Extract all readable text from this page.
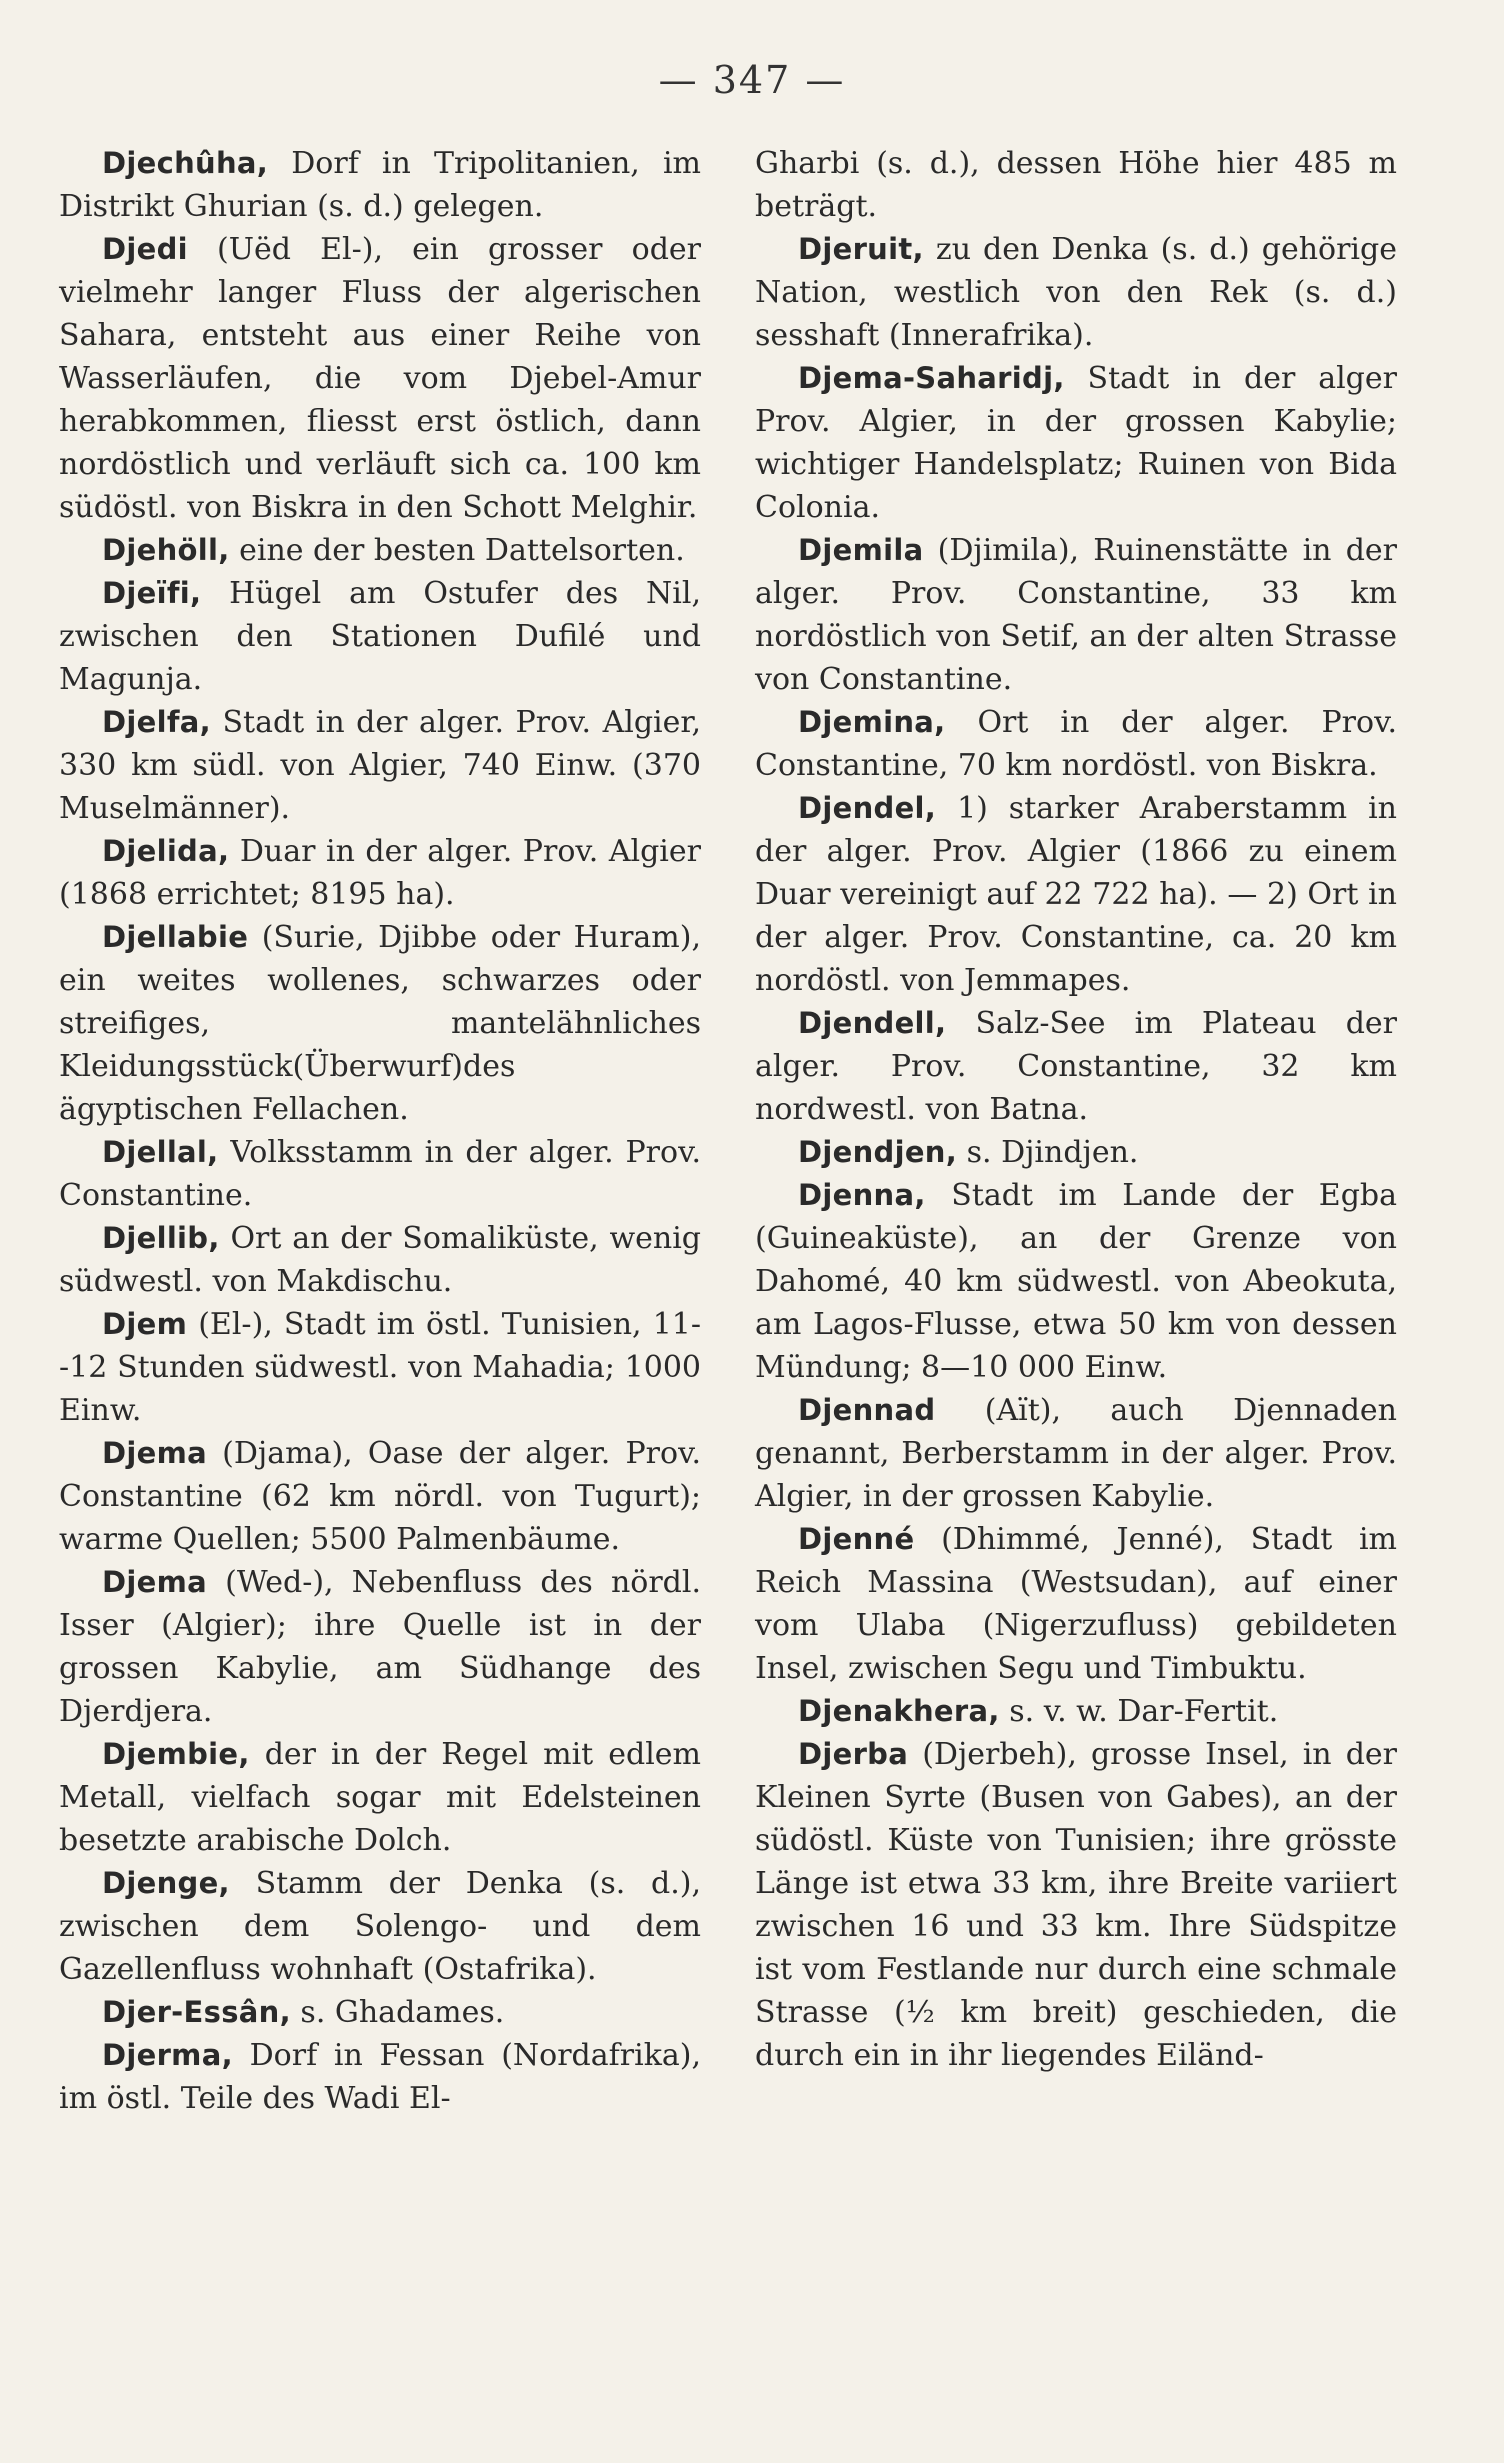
— 347 —

Djechûha, Dorf in Tripolitanien, im Distrikt Ghurian (s. d.) gelegen.

Djedi (Uëd El-), ein grosser oder vielmehr langer Fluss der algerischen Sahara, entsteht aus einer Reihe von Wasserläufen, die vom Djebel-Amur herabkommen, fliesst erst östlich, dann nordöstlich und verläuft sich ca. 100 km südöstl. von Biskra in den Schott Melghir.

Djehöll, eine der besten Dattelsorten.

Djeïfi, Hügel am Ostufer des Nil, zwischen den Stationen Dufilé und Magunja.

Djelfa, Stadt in der alger. Prov. Algier, 330 km südl. von Algier, 740 Einw. (370 Muselmänner).

Djelida, Duar in der alger. Prov. Algier (1868 errichtet; 8195 ha).

Djellabie (Surie, Djibbe oder Huram), ein weites wollenes, schwarzes oder streifiges, mantelähnliches Kleidungsstück(Überwurf)des ägyptischen Fellachen.

Djellal, Volksstamm in der alger. Prov. Constantine.

Djellib, Ort an der Somaliküste, wenig südwestl. von Makdischu.

Djem (El-), Stadt im östl. Tunisien, 11--12 Stunden südwestl. von Mahadia; 1000 Einw.

Djema (Djama), Oase der alger. Prov. Constantine (62 km nördl. von Tugurt); warme Quellen; 5500 Palmenbäume.

Djema (Wed-), Nebenfluss des nördl. Isser (Algier); ihre Quelle ist in der grossen Kabylie, am Südhange des Djerdjera.

Djembie, der in der Regel mit edlem Metall, vielfach sogar mit Edelsteinen besetzte arabische Dolch.

Djenge, Stamm der Denka (s. d.), zwischen dem Solengo- und dem Gazellenfluss wohnhaft (Ostafrika).

Djer-Essân, s. Ghadames.

Djerma, Dorf in Fessan (Nordafrika), im östl. Teile des Wadi El-

Gharbi (s. d.), dessen Höhe hier 485 m beträgt.

Djeruit, zu den Denka (s. d.) gehörige Nation, westlich von den Rek (s. d.) sesshaft (Innerafrika).

Djema-Saharidj, Stadt in der alger Prov. Algier, in der grossen Kabylie; wichtiger Handelsplatz; Ruinen von Bida Colonia.

Djemila (Djimila), Ruinenstätte in der alger. Prov. Constantine, 33 km nordöstlich von Setif, an der alten Strasse von Constantine.

Djemina, Ort in der alger. Prov. Constantine, 70 km nordöstl. von Biskra.

Djendel, 1) starker Araberstamm in der alger. Prov. Algier (1866 zu einem Duar vereinigt auf 22 722 ha). — 2) Ort in der alger. Prov. Constantine, ca. 20 km nordöstl. von Jemmapes.

Djendell, Salz-See im Plateau der alger. Prov. Constantine, 32 km nordwestl. von Batna.

Djendjen, s. Djindjen.

Djenna, Stadt im Lande der Egba (Guineaküste), an der Grenze von Dahomé, 40 km südwestl. von Abeokuta, am Lagos-Flusse, etwa 50 km von dessen Mündung; 8—10 000 Einw.

Djennad (Aït), auch Djennaden genannt, Berberstamm in der alger. Prov. Algier, in der grossen Kabylie.

Djenné (Dhimmé, Jenné), Stadt im Reich Massina (Westsudan), auf einer vom Ulaba (Nigerzufluss) gebildeten Insel, zwischen Segu und Timbuktu.

Djenakhera, s. v. w. Dar-Fertit.

Djerba (Djerbeh), grosse Insel, in der Kleinen Syrte (Busen von Gabes), an der südöstl. Küste von Tunisien; ihre grösste Länge ist etwa 33 km, ihre Breite variiert zwischen 16 und 33 km. Ihre Südspitze ist vom Festlande nur durch eine schmale Strasse (½ km breit) geschieden, die durch ein in ihr liegendes Eiländ-
